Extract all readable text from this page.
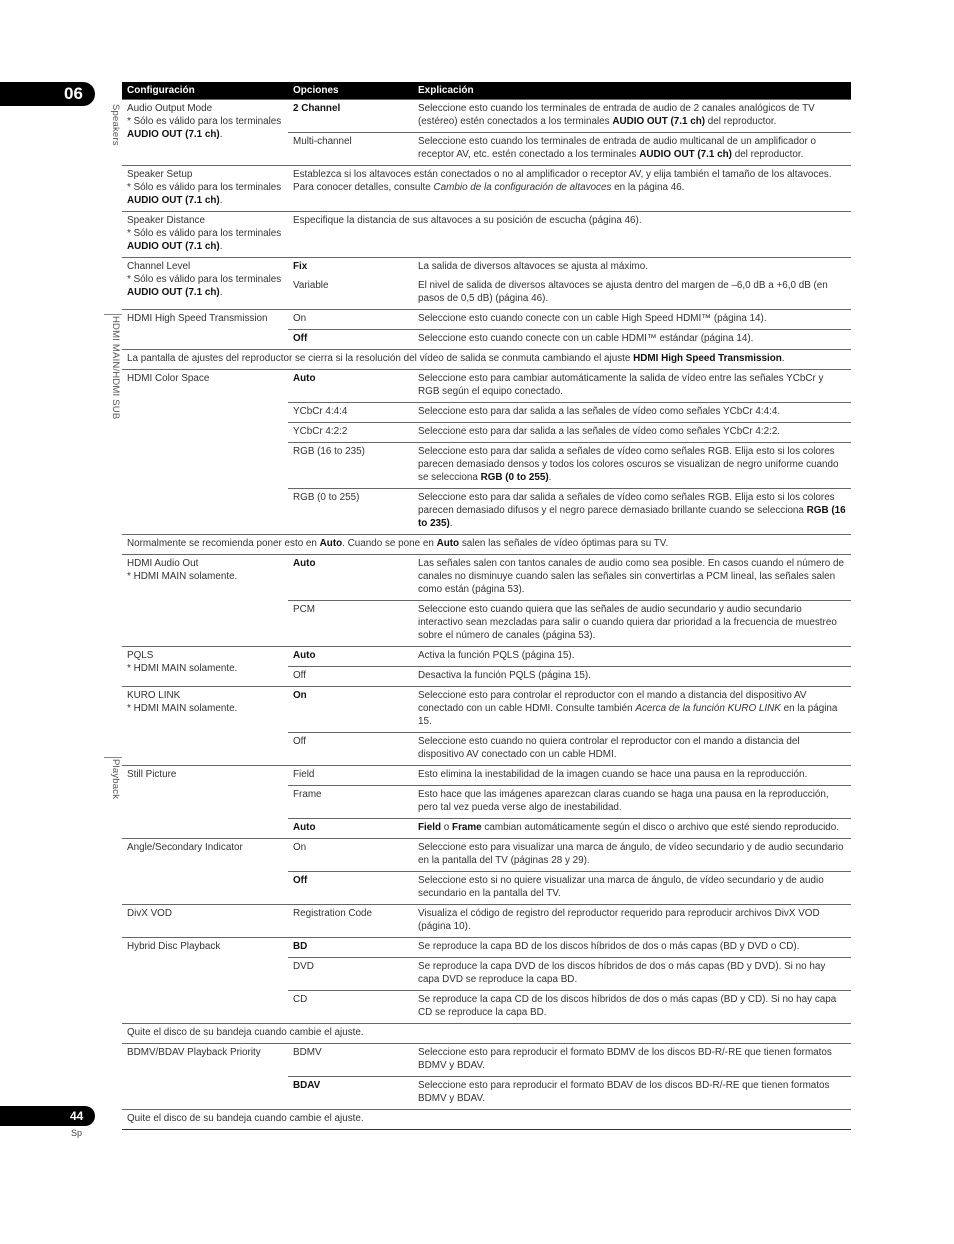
06
Speakers
HDMI MAIN/HDMI SUB
Playback
Configuración	Opciones	Explicación

Audio Output Mode
* Sólo es válido para los terminales AUDIO OUT (7.1 ch).	2 Channel	Seleccione esto cuando los terminales de entrada de audio de 2 canales analógicos de TV (estéreo) estén conectados a los terminales AUDIO OUT (7.1 ch) del reproductor.
	Multi-channel	Seleccione esto cuando los terminales de entrada de audio multicanal de un amplificador o receptor AV, etc. estén conectado a los terminales AUDIO OUT (7.1 ch) del reproductor.

Speaker Setup
* Sólo es válido para los terminales AUDIO OUT (7.1 ch).	Establezca si los altavoces están conectados o no al amplificador o receptor AV, y elija también el tamaño de los altavoces. Para conocer detalles, consulte Cambio de la configuración de altavoces en la página 46.	

Speaker Distance
* Sólo es válido para los terminales AUDIO OUT (7.1 ch).	Especifique la distancia de sus altavoces a su posición de escucha (página 46).	

Channel Level
* Sólo es válido para los terminales AUDIO OUT (7.1 ch).	Fix	La salida de diversos altavoces se ajusta al máximo.
	Variable	El nivel de salida de diversos altavoces se ajusta dentro del margen de –6,0 dB a +6,0 dB (en pasos de 0,5 dB) (página 46).
HDMI High Speed Transmission	On	Seleccione esto cuando conecte con un cable High Speed HDMI™ (página 14).
	Off	Seleccione esto cuando conecte con un cable HDMI™ estándar (página 14).
La pantalla de ajustes del reproductor se cierra si la resolución del vídeo de salida se conmuta cambiando el ajuste HDMI High Speed Transmission.		
HDMI Color Space	Auto	Seleccione esto para cambiar automáticamente la salida de vídeo entre las señales YCbCr y RGB según el equipo conectado.
	YCbCr 4:4:4	Seleccione esto para dar salida a las señales de vídeo como señales YCbCr 4:4:4.
	YCbCr 4:2:2	Seleccione esto para dar salida a las señales de vídeo como señales YCbCr 4:2:2.
	RGB (16 to 235)	Seleccione esto para dar salida a señales de vídeo como señales RGB. Elija esto si los colores parecen demasiado densos y todos los colores oscuros se visualizan de negro uniforme cuando se selecciona RGB (0 to 255).
	RGB (0 to 255)	Seleccione esto para dar salida a señales de vídeo como señales RGB. Elija esto si los colores parecen demasiado difusos y el negro parece demasiado brillante cuando se selecciona RGB (16 to 235).
Normalmente se recomienda poner esto en Auto. Cuando se pone en Auto salen las señales de vídeo óptimas para su TV.		

HDMI Audio Out
* HDMI MAIN solamente.	Auto	Las señales salen con tantos canales de audio como sea posible. En casos cuando el número de canales no disminuye cuando salen las señales sin convertirlas a PCM lineal, las señales salen como están (página 53).
	PCM	Seleccione esto cuando quiera que las señales de audio secundario y audio secundario interactivo sean mezcladas para salir o cuando quiera dar prioridad a la frecuencia de muestreo sobre el número de canales (página 53).

PQLS
* HDMI MAIN solamente.	Auto	Activa la función PQLS (página 15).
	Off	Desactiva la función PQLS (página 15).

KURO LINK
* HDMI MAIN solamente.	On	Seleccione esto para controlar el reproductor con el mando a distancia del dispositivo AV conectado con un cable HDMI. Consulte también Acerca de la función KURO LINK en la página 15.
	Off	Seleccione esto cuando no quiera controlar el reproductor con el mando a distancia del dispositivo AV conectado con un cable HDMI.
Still Picture	Field	Esto elimina la inestabilidad de la imagen cuando se hace una pausa en la reproducción.
	Frame	Esto hace que las imágenes aparezcan claras cuando se haga una pausa en la reproducción, pero tal vez pueda verse algo de inestabilidad.
	Auto	Field o Frame cambian automáticamente según el disco o archivo que esté siendo reproducido.
Angle/Secondary Indicator	On	Seleccione esto para visualizar una marca de ángulo, de vídeo secundario y de audio secundario en la pantalla del TV (páginas 28 y 29).
	Off	Seleccione esto si no quiere visualizar una marca de ángulo, de vídeo secundario y de audio secundario en la pantalla del TV.
DivX VOD	Registration Code	Visualiza el código de registro del reproductor requerido para reproducir archivos DivX VOD (página 10).
Hybrid Disc Playback	BD	Se reproduce la capa BD de los discos híbridos de dos o más capas (BD y DVD o CD).
	DVD	Se reproduce la capa DVD de los discos híbridos de dos o más capas (BD y DVD). Si no hay capa DVD se reproduce la capa BD.
	CD	Se reproduce la capa CD de los discos híbridos de dos o más capas (BD y CD). Si no hay capa CD se reproduce la capa BD.
Quite el disco de su bandeja cuando cambie el ajuste.		
BDMV/BDAV Playback Priority	BDMV	Seleccione esto para reproducir el formato BDMV de los discos BD-R/-RE que tienen formatos BDMV y BDAV.
	BDAV	Seleccione esto para reproducir el formato BDAV de los discos BD-R/-RE que tienen formatos BDMV y BDAV.
Quite el disco de su bandeja cuando cambie el ajuste.		
44
Sp
